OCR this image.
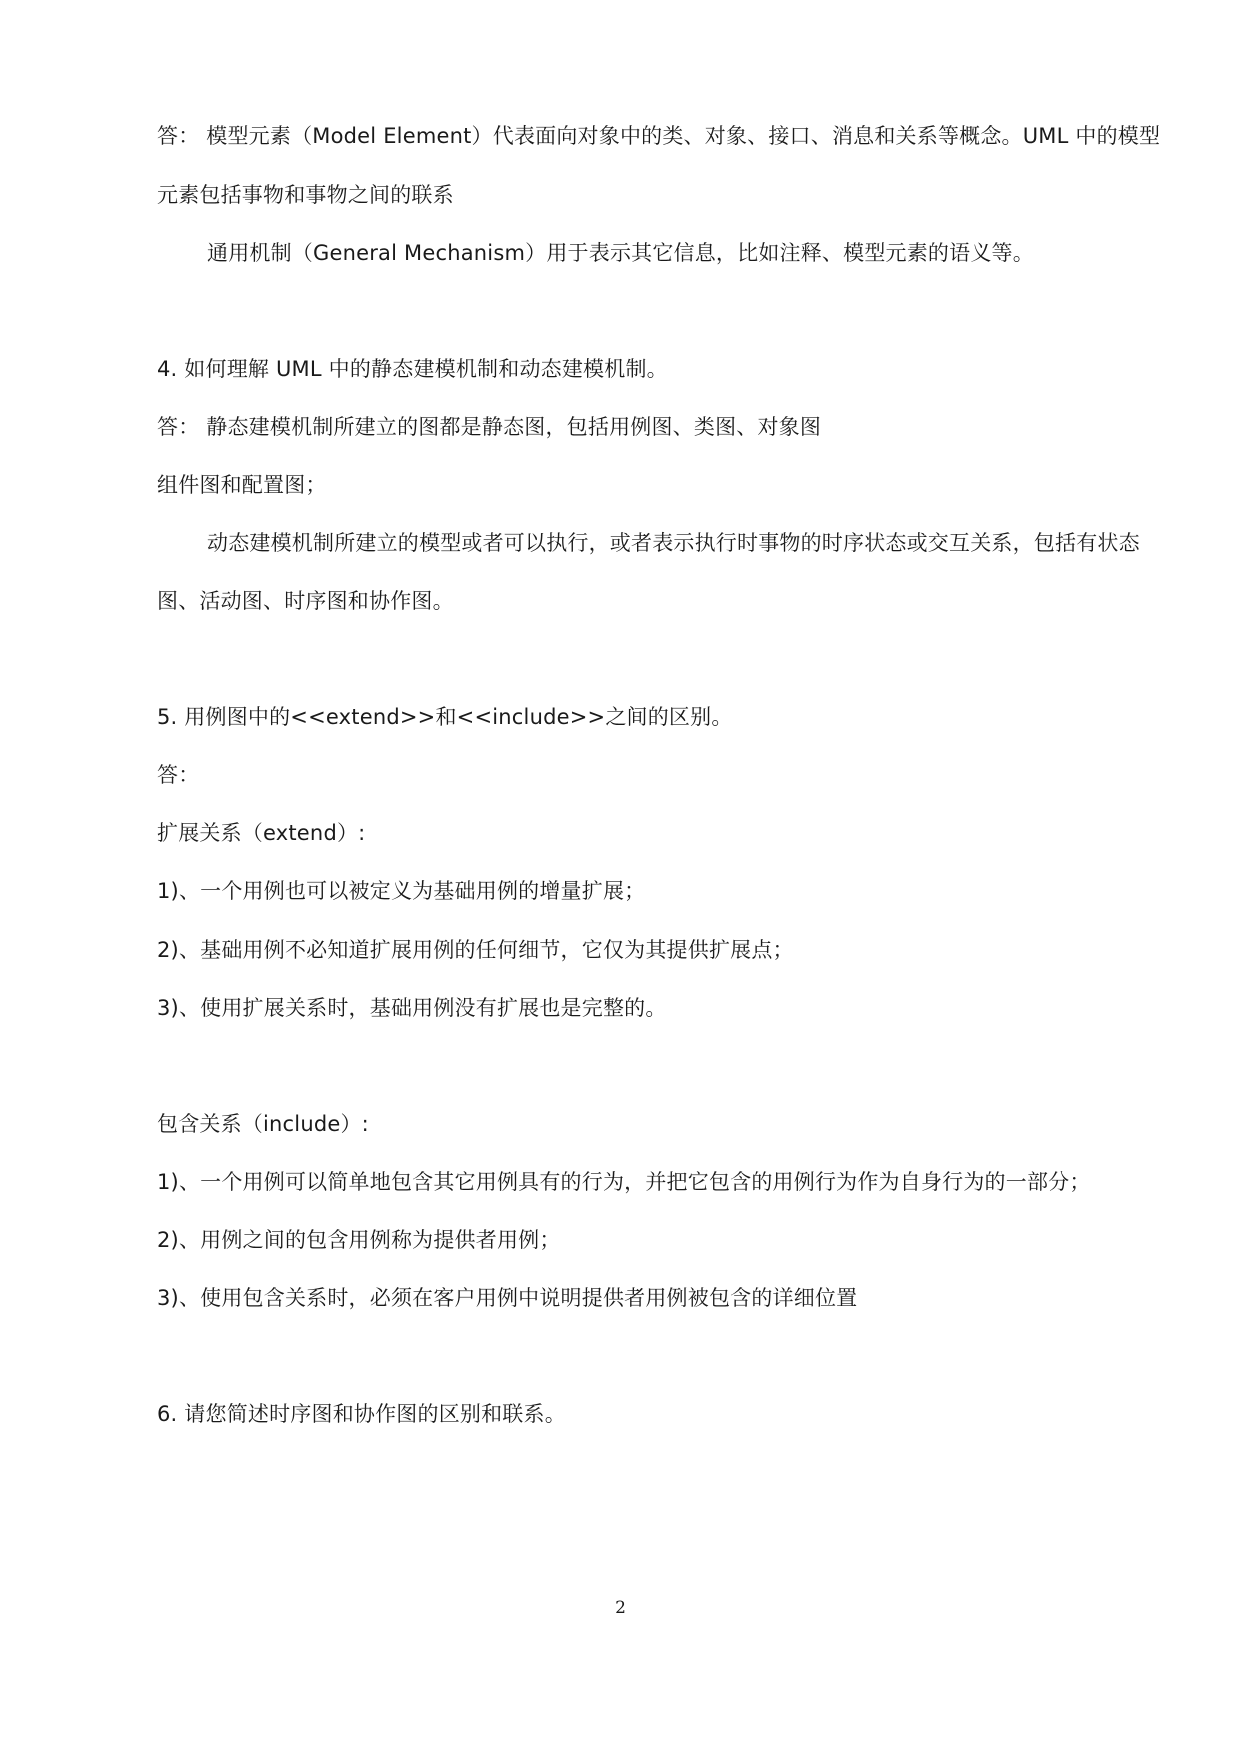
答： 模型元素（Model Element）代表面向对象中的类、对象、接口、消息和关系等概念。UML 中的模型
元素包括事物和事物之间的联系
通用机制（General Mechanism）用于表示其它信息，比如注释、模型元素的语义等。
4. 如何理解 UML 中的静态建模机制和动态建模机制。
答： 静态建模机制所建立的图都是静态图，包括用例图、类图、对象图
组件图和配置图；
动态建模机制所建立的模型或者可以执行，或者表示执行时事物的时序状态或交互关系，包括有状态
图、活动图、时序图和协作图。
5. 用例图中的<<extend>>和<<include>>之间的区别。
答：
扩展关系（extend）:
1)、一个用例也可以被定义为基础用例的增量扩展；
2)、基础用例不必知道扩展用例的任何细节，它仅为其提供扩展点；
3)、使用扩展关系时，基础用例没有扩展也是完整的。
包含关系（include）:
1)、一个用例可以简单地包含其它用例具有的行为，并把它包含的用例行为作为自身行为的一部分；
2)、用例之间的包含用例称为提供者用例；
3)、使用包含关系时，必须在客户用例中说明提供者用例被包含的详细位置
6. 请您简述时序图和协作图的区别和联系。
2
